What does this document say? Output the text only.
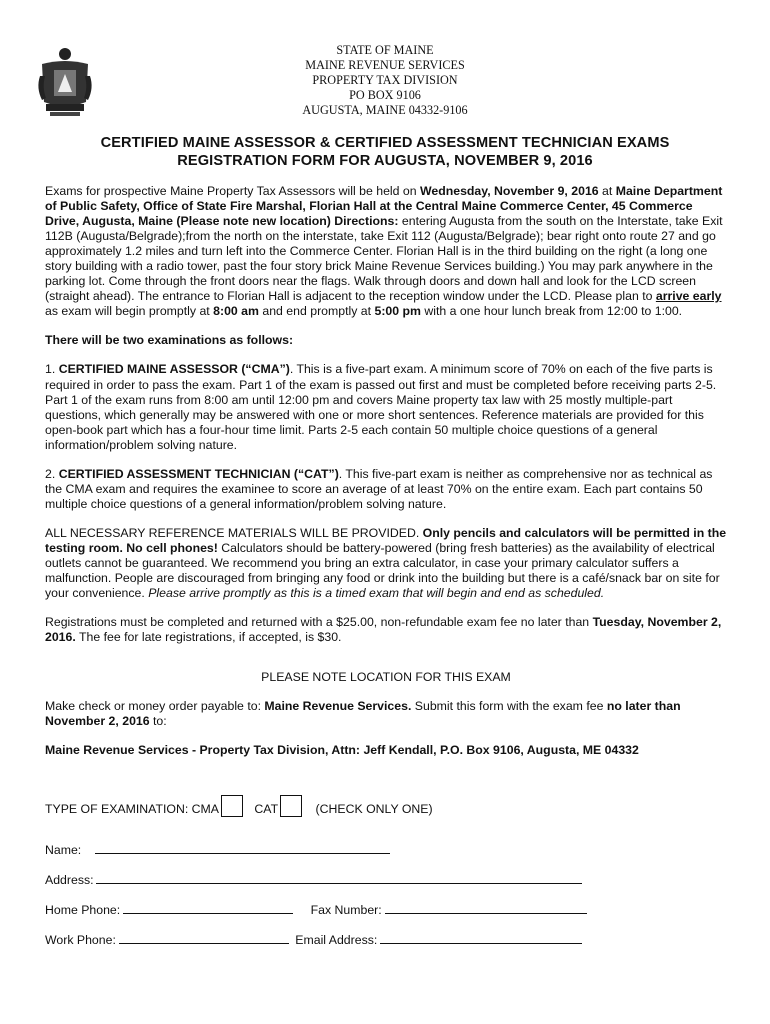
STATE OF MAINE
MAINE REVENUE SERVICES
PROPERTY TAX DIVISION
PO BOX 9106
AUGUSTA, MAINE 04332-9106
CERTIFIED MAINE ASSESSOR & CERTIFIED ASSESSMENT TECHNICIAN EXAMS
REGISTRATION FORM FOR AUGUSTA, NOVEMBER 9, 2016

Exams for prospective Maine Property Tax Assessors will be held on Wednesday, November 9, 2016 at Maine Department of Public Safety, Office of State Fire Marshal, Florian Hall at the Central Maine Commerce Center, 45 Commerce Drive, Augusta, Maine (Please note new location) Directions: entering Augusta from the south on the Interstate, take Exit 112B (Augusta/Belgrade);from the north on the interstate, take Exit 112 (Augusta/Belgrade); bear right onto route 27 and go approximately 1.2 miles and turn left into the Commerce Center. Florian Hall is in the third building on the right (a long one story building with a radio tower, past the four story brick Maine Revenue Services building.) You may park anywhere in the parking lot. Come through the front doors near the flags. Walk through doors and down hall and look for the LCD screen (straight ahead). The entrance to Florian Hall is adjacent to the reception window under the LCD. Please plan to arrive early as exam will begin promptly at 8:00 am and end promptly at 5:00 pm with a one hour lunch break from 12:00 to 1:00.

There will be two examinations as follows:

1. CERTIFIED MAINE ASSESSOR (“CMA”). This is a five-part exam. A minimum score of 70% on each of the five parts is required in order to pass the exam. Part 1 of the exam is passed out first and must be completed before receiving parts 2-5. Part 1 of the exam runs from 8:00 am until 12:00 pm and covers Maine property tax law with 25 mostly multiple-part questions, which generally may be answered with one or more short sentences. Reference materials are provided for this open-book part which has a four-hour time limit. Parts 2-5 each contain 50 multiple choice questions of a general information/problem solving nature.

2. CERTIFIED ASSESSMENT TECHNICIAN (“CAT”). This five-part exam is neither as comprehensive nor as technical as the CMA exam and requires the examinee to score an average of at least 70% on the entire exam. Each part contains 50 multiple choice questions of a general information/problem solving nature.

ALL NECESSARY REFERENCE MATERIALS WILL BE PROVIDED. Only pencils and calculators will be permitted in the testing room. No cell phones! Calculators should be battery-powered (bring fresh batteries) as the availability of electrical outlets cannot be guaranteed. We recommend you bring an extra calculator, in case your primary calculator suffers a malfunction. People are discouraged from bringing any food or drink into the building but there is a café/snack bar on site for your convenience. Please arrive promptly as this is a timed exam that will begin and end as scheduled.

Registrations must be completed and returned with a $25.00, non-refundable exam fee no later than Tuesday, November 2, 2016. The fee for late registrations, if accepted, is $30.

PLEASE NOTE LOCATION FOR THIS EXAM

Make check or money order payable to: Maine Revenue Services. Submit this form with the exam fee no later than November 2, 2016 to:

Maine Revenue Services - Property Tax Division, Attn: Jeff Kendall, P.O. Box 9106, Augusta, ME 04332

TYPE OF EXAMINATION: CMA	CAT	(CHECK ONLY ONE)
Name:
Address:
Home Phone:	Fax Number:
Work Phone:	Email Address:
